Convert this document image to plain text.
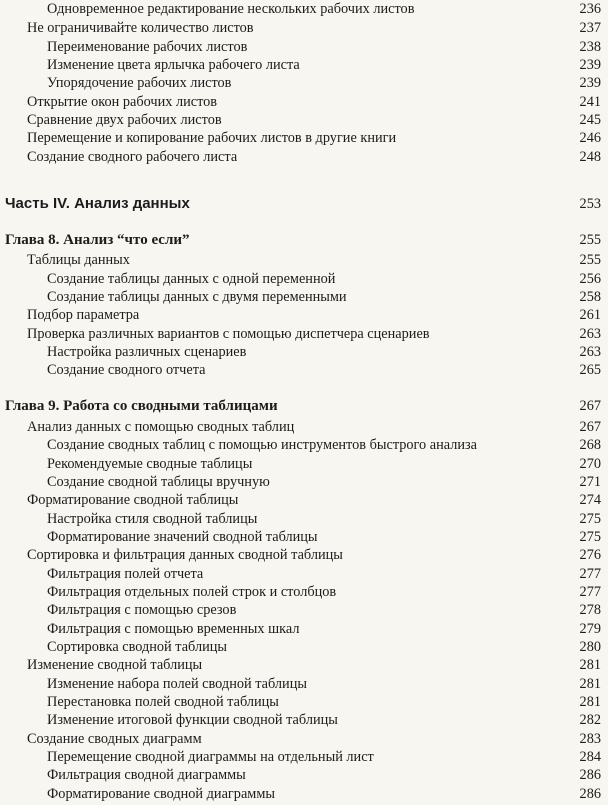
Одновременное редактирование нескольких рабочих листов	236
Не ограничивайте количество листов	237
Переименование рабочих листов	238
Изменение цвета ярлычка рабочего листа	239
Упорядочение рабочих листов	239
Открытие окон рабочих листов	241
Сравнение двух рабочих листов	245
Перемещение и копирование рабочих листов в другие книги	246
Создание сводного рабочего листа	248
Часть IV. Анализ данных	253
Глава 8. Анализ “что если”	255
Таблицы данных	255
Создание таблицы данных с одной переменной	256
Создание таблицы данных с двумя переменными	258
Подбор параметра	261
Проверка различных вариантов с помощью диспетчера сценариев	263
Настройка различных сценариев	263
Создание сводного отчета	265
Глава 9. Работа со сводными таблицами	267
Анализ данных с помощью сводных таблиц	267
Создание сводных таблиц с помощью инструментов быстрого анализа	268
Рекомендуемые сводные таблицы	270
Создание сводной таблицы вручную	271
Форматирование сводной таблицы	274
Настройка стиля сводной таблицы	275
Форматирование значений сводной таблицы	275
Сортировка и фильтрация данных сводной таблицы	276
Фильтрация полей отчета	277
Фильтрация отдельных полей строк и столбцов	277
Фильтрация с помощью срезов	278
Фильтрация с помощью временных шкал	279
Сортировка сводной таблицы	280
Изменение сводной таблицы	281
Изменение набора полей сводной таблицы	281
Перестановка полей сводной таблицы	281
Изменение итоговой функции сводной таблицы	282
Создание сводных диаграмм	283
Перемещение сводной диаграммы на отдельный лист	284
Фильтрация сводной диаграммы	286
Форматирование сводной диаграммы	286
